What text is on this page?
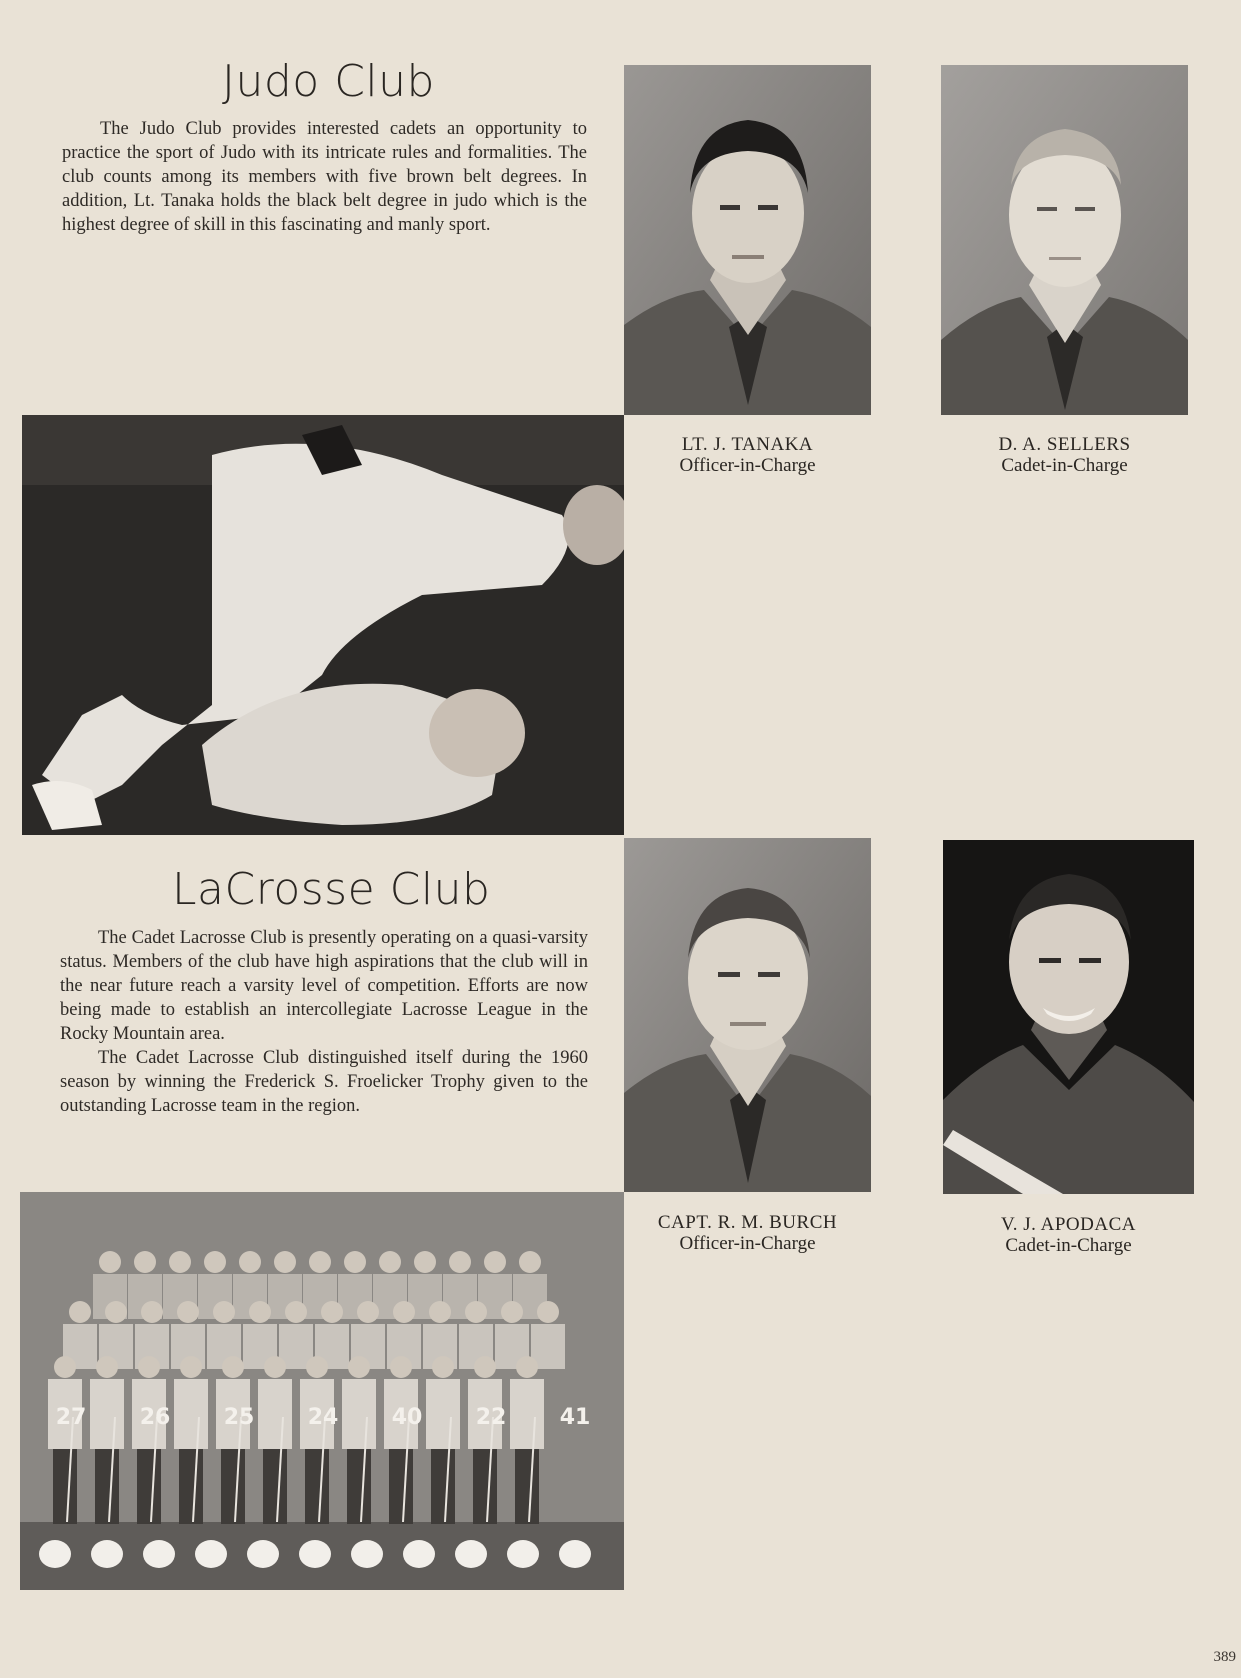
Judo Club

The Judo Club provides interested cadets an opportunity to practice the sport of Judo with its intricate rules and formalities. The club counts among its members with five brown belt degrees. In addition, Lt. Tanaka holds the black belt degree in judo which is the highest degree of skill in this fascinating and manly sport.

LT. J. TANAKA
Officer-in-Charge
D. A. SELLERS
Cadet-in-Charge
LaCrosse Club

The Cadet Lacrosse Club is presently operating on a quasi-varsity status. Members of the club have high aspirations that the club will in the near future reach a varsity level of competition. Efforts are now being made to establish an intercollegiate Lacrosse League in the Rocky Mountain area.

The Cadet Lacrosse Club distinguished itself during the 1960 season by winning the Frederick S. Froelicker Trophy given to the outstanding Lacrosse team in the region.

CAPT. R. M. BURCH
Officer-in-Charge
V. J. APODACA
Cadet-in-Charge
27 26 25 24 40 22 41
389
